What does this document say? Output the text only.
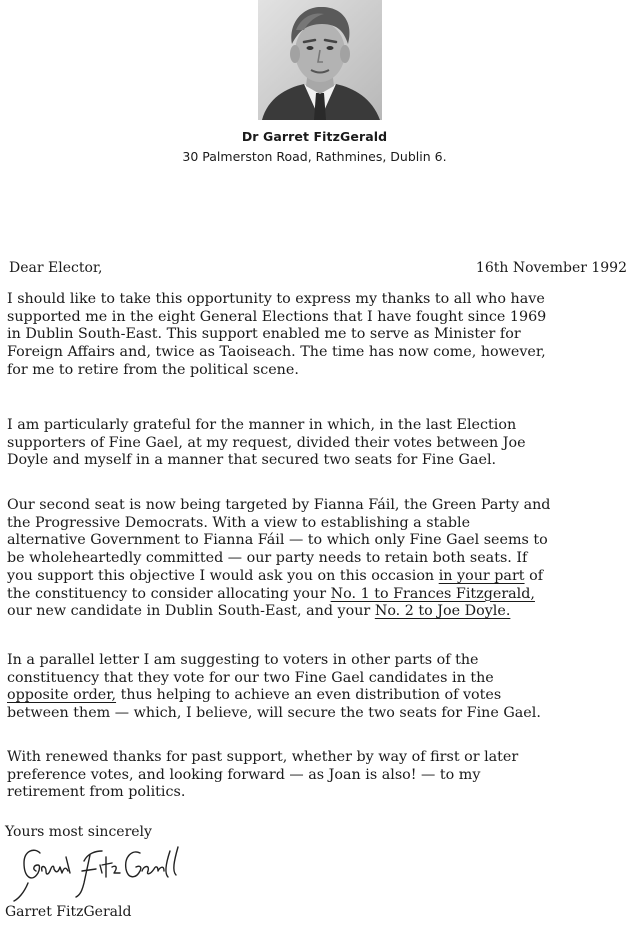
Dr Garret FitzGerald
30 Palmerston Road, Rathmines, Dublin 6.
Dear Elector,	16th November 1992

I should like to take this opportunity to express my thanks to all who have
supported me in the eight General Elections that I have fought since 1969
in Dublin South-East. This support enabled me to serve as Minister for
Foreign Affairs and, twice as Taoiseach. The time has now come, however,
for me to retire from the political scene.

I am particularly grateful for the manner in which, in the last Election
supporters of Fine Gael, at my request, divided their votes between Joe
Doyle and myself in a manner that secured two seats for Fine Gael.

Our second seat is now being targeted by Fianna Fáil, the Green Party and
the Progressive Democrats. With a view to establishing a stable
alternative Government to Fianna Fáil — to which only Fine Gael seems to
be wholeheartedly committed — our party needs to retain both seats. If
you support this objective I would ask you on this occasion in your part of
the constituency to consider allocating your No. 1 to Frances Fitzgerald,
our new candidate in Dublin South-East, and your No. 2 to Joe Doyle.

In a parallel letter I am suggesting to voters in other parts of the
constituency that they vote for our two Fine Gael candidates in the
opposite order, thus helping to achieve an even distribution of votes
between them — which, I believe, will secure the two seats for Fine Gael.

With renewed thanks for past support, whether by way of first or later
preference votes, and looking forward — as Joan is also! — to my
retirement from politics.

Yours most sincerely
Garret FitzGerald
